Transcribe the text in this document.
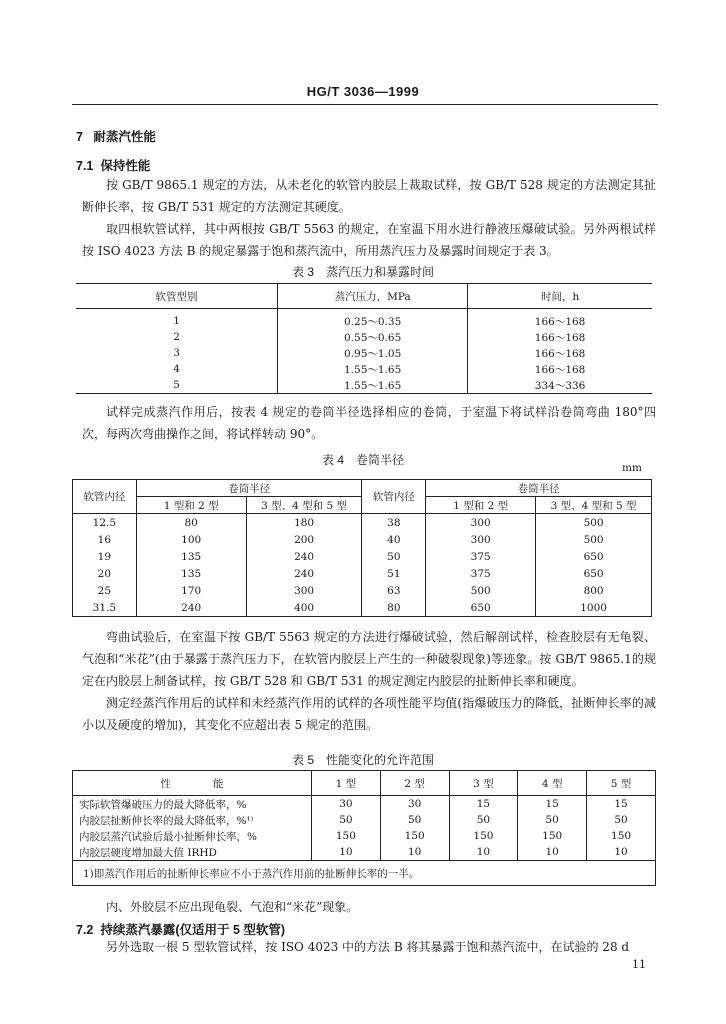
HG/T 3036—1999
7 耐蒸汽性能
7.1 保持性能

按 GB/T 9865.1 规定的方法，从未老化的软管内胶层上裁取试样，按 GB/T 528 规定的方法测定其扯断伸长率，按 GB/T 531 规定的方法测定其硬度。

取四根软管试样，其中两根按 GB/T 5563 的规定，在室温下用水进行静液压爆破试验。另外两根试样按 ISO 4023 方法 B 的规定暴露于饱和蒸汽流中，所用蒸汽压力及暴露时间规定于表 3。

表 3　蒸汽压力和暴露时间
软管型别	蒸汽压力，MPa	时间，h
1	0.25～0.35	166～168
2	0.55～0.65	166～168
3	0.95～1.05	166～168
4	1.55～1.65	166～168
5	1.55～1.65	334～336

试样完成蒸汽作用后，按表 4 规定的卷筒半径选择相应的卷筒，于室温下将试样沿卷筒弯曲 180°四次，每两次弯曲操作之间，将试样转动 90°。

表 4　卷筒半径
mm
软管内径	卷筒半径		软管内径	卷筒半径	
	1 型和 2 型	3 型、4 型和 5 型		1 型和 2 型	3 型、4 型和 5 型
12.5	80	180	38	300	500
16	100	200	40	300	500
19	135	240	50	375	650
20	135	240	51	375	650
25	170	300	63	500	800
31.5	240	400	80	650	1000

弯曲试验后，在室温下按 GB/T 5563 规定的方法进行爆破试验，然后解剖试样，检查胶层有无龟裂、气泡和“米花”(由于暴露于蒸汽压力下，在软管内胶层上产生的一种破裂现象)等迹象。按 GB/T 9865.1的规定在内胶层上制备试样，按 GB/T 528 和 GB/T 531 的规定测定内胶层的扯断伸长率和硬度。

测定经蒸汽作用后的试样和未经蒸汽作用的试样的各项性能平均值(指爆破压力的降低，扯断伸长率的减小以及硬度的增加)，其变化不应超出表 5 规定的范围。

表 5　性能变化的允许范围
性　　　　能	1 型	2 型	3 型	4 型	5 型
实际软管爆破压力的最大降低率，%	30	30	15	15	15
内胶层扯断伸长率的最大降低率，%¹⁾	50	50	50	50	50
内胶层蒸汽试验后最小扯断伸长率，%	150	150	150	150	150
内胶层硬度增加最大值 IRHD	10	10	10	10	10
1)即蒸汽作用后的扯断伸长率应不小于蒸汽作用前的扯断伸长率的一半。					

内、外胶层不应出现龟裂、气泡和“米花”现象。

7.2 持续蒸汽暴露(仅适用于 5 型软管)

另外选取一根 5 型软管试样，按 ISO 4023 中的方法 B 将其暴露于饱和蒸汽流中，在试验的 28 d

11
